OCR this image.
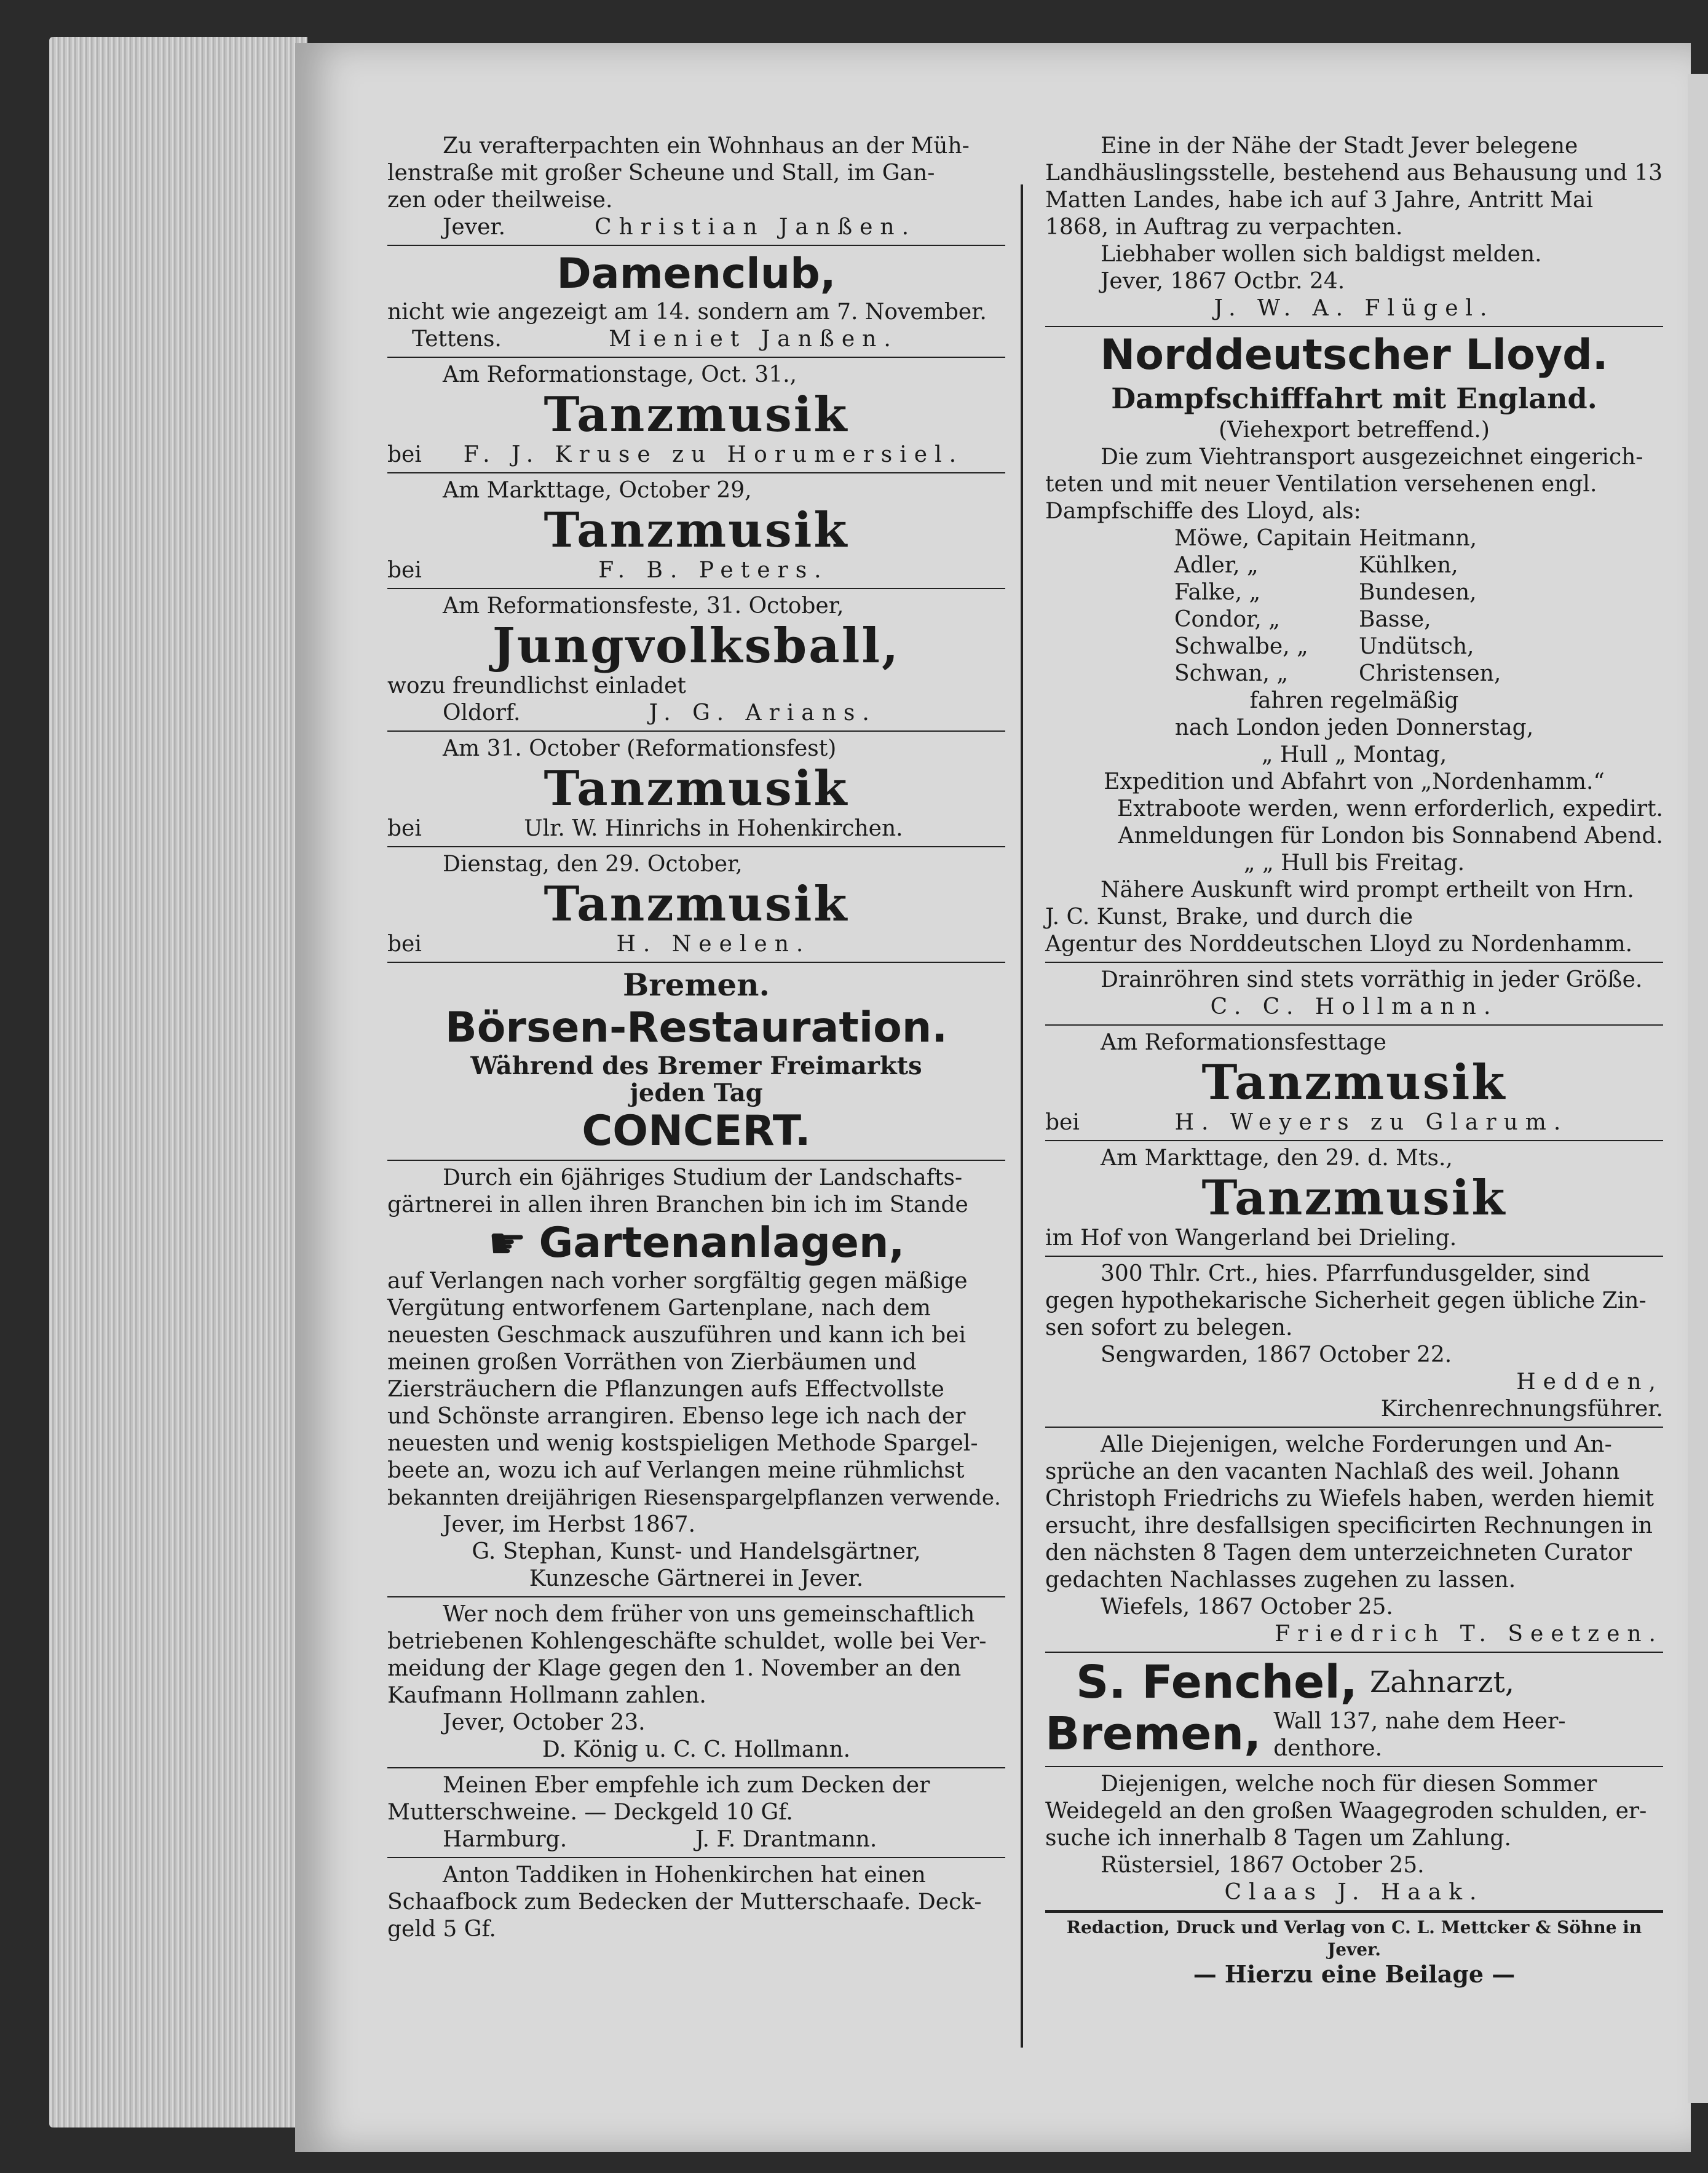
Zu verafterpachten ein Wohnhaus an der Müh-

lenstraße mit großer Scheune und Stall, im Gan-

zen oder theilweise.

Jever.	Christian Janßen.

Damenclub,

nicht wie angezeigt am 14. sondern am 7. November.

Tettens.	Mieniet Janßen.

Am Reformationstage, Oct. 31.,

Tanzmusik

bei	F. J. Kruse zu Horumersiel.

Am Markttage, October 29,

Tanzmusik

bei	F. B. Peters.

Am Reformationsfeste, 31. October,

Jungvolksball,

wozu freundlichst einladet

Oldorf.	J. G. Arians.

Am 31. October (Reformationsfest)

Tanzmusik

bei	Ulr. W. Hinrichs in Hohenkirchen.

Dienstag, den 29. October,

Tanzmusik

bei	H. Neelen.

Bremen.

Börsen-Restauration.

Während des Bremer Freimarkts

jeden Tag

CONCERT.

Durch ein 6jähriges Studium der Landschafts-

gärtnerei in allen ihren Branchen bin ich im Stande

☛ Gartenanlagen,

auf Verlangen nach vorher sorgfältig gegen mäßige

Vergütung entworfenem Gartenplane, nach dem

neuesten Geschmack auszuführen und kann ich bei

meinen großen Vorräthen von Zierbäumen und

Ziersträuchern die Pflanzungen aufs Effectvollste

und Schönste arrangiren. Ebenso lege ich nach der

neuesten und wenig kostspieligen Methode Spargel-

beete an, wozu ich auf Verlangen meine rühmlichst

bekannten dreijährigen Riesenspargelpflanzen verwende.

Jever, im Herbst 1867.

G. Stephan, Kunst- und Handelsgärtner,

Kunzesche Gärtnerei in Jever.

Wer noch dem früher von uns gemeinschaftlich

betriebenen Kohlengeschäfte schuldet, wolle bei Ver-

meidung der Klage gegen den 1. November an den

Kaufmann Hollmann zahlen.

Jever, October 23.

D. König u. C. C. Hollmann.

Meinen Eber empfehle ich zum Decken der

Mutterschweine. — Deckgeld 10 Gf.

Harmburg.	J. F. Drantmann.

Anton Taddiken in Hohenkirchen hat einen

Schaafbock zum Bedecken der Mutterschaafe. Deck-

geld 5 Gf.

Eine in der Nähe der Stadt Jever belegene

Landhäuslingsstelle, bestehend aus Behausung und 13

Matten Landes, habe ich auf 3 Jahre, Antritt Mai

1868, in Auftrag zu verpachten.

Liebhaber wollen sich baldigst melden.

Jever, 1867 Octbr. 24.

J. W. A. Flügel.

Norddeutscher Lloyd.

Dampfschifffahrt mit England.

(Viehexport betreffend.)

Die zum Viehtransport ausgezeichnet eingerich-

teten und mit neuer Ventilation versehenen engl.

Dampfschiffe des Lloyd, als:

Möwe, Capitain Heitmann,
Adler, „	Kühlken,
Falke, „	Bundesen,
Condor, „	Basse,
Schwalbe, „	Undütsch,
Schwan, „	Christensen,

fahren regelmäßig

nach London jeden Donnerstag,

„ Hull „ Montag,

Expedition und Abfahrt von „Nordenhamm.“

Extraboote werden, wenn erforderlich, expedirt.

Anmeldungen für London bis Sonnabend Abend.

„ „ Hull bis Freitag.

Nähere Auskunft wird prompt ertheilt von Hrn.

J. C. Kunst, Brake, und durch die

Agentur des Norddeutschen Lloyd zu Nordenhamm.

Drainröhren sind stets vorräthig in jeder Größe.

C. C. Hollmann.

Am Reformationsfesttage

Tanzmusik

bei	H. Weyers zu Glarum.

Am Markttage, den 29. d. Mts.,

Tanzmusik

im Hof von Wangerland bei Drieling.

300 Thlr. Crt., hies. Pfarrfundusgelder, sind

gegen hypothekarische Sicherheit gegen übliche Zin-

sen sofort zu belegen.

Sengwarden, 1867 October 22.

Hedden,

Kirchenrechnungsführer.

Alle Diejenigen, welche Forderungen und An-

sprüche an den vacanten Nachlaß des weil. Johann

Christoph Friedrichs zu Wiefels haben, werden hiemit

ersucht, ihre desfallsigen specificirten Rechnungen in

den nächsten 8 Tagen dem unterzeichneten Curator

gedachten Nachlasses zugehen zu lassen.

Wiefels, 1867 October 25.

Friedrich T. Seetzen.

S. Fenchel, Zahnarzt,
Bremen, Wall 137, nahe dem Heer-
denthore.

Diejenigen, welche noch für diesen Sommer

Weidegeld an den großen Waagegroden schulden, er-

suche ich innerhalb 8 Tagen um Zahlung.

Rüstersiel, 1867 October 25.

Claas J. Haak.

Redaction, Druck und Verlag von C. L. Mettcker & Söhne in Jever.

— Hierzu eine Beilage —
